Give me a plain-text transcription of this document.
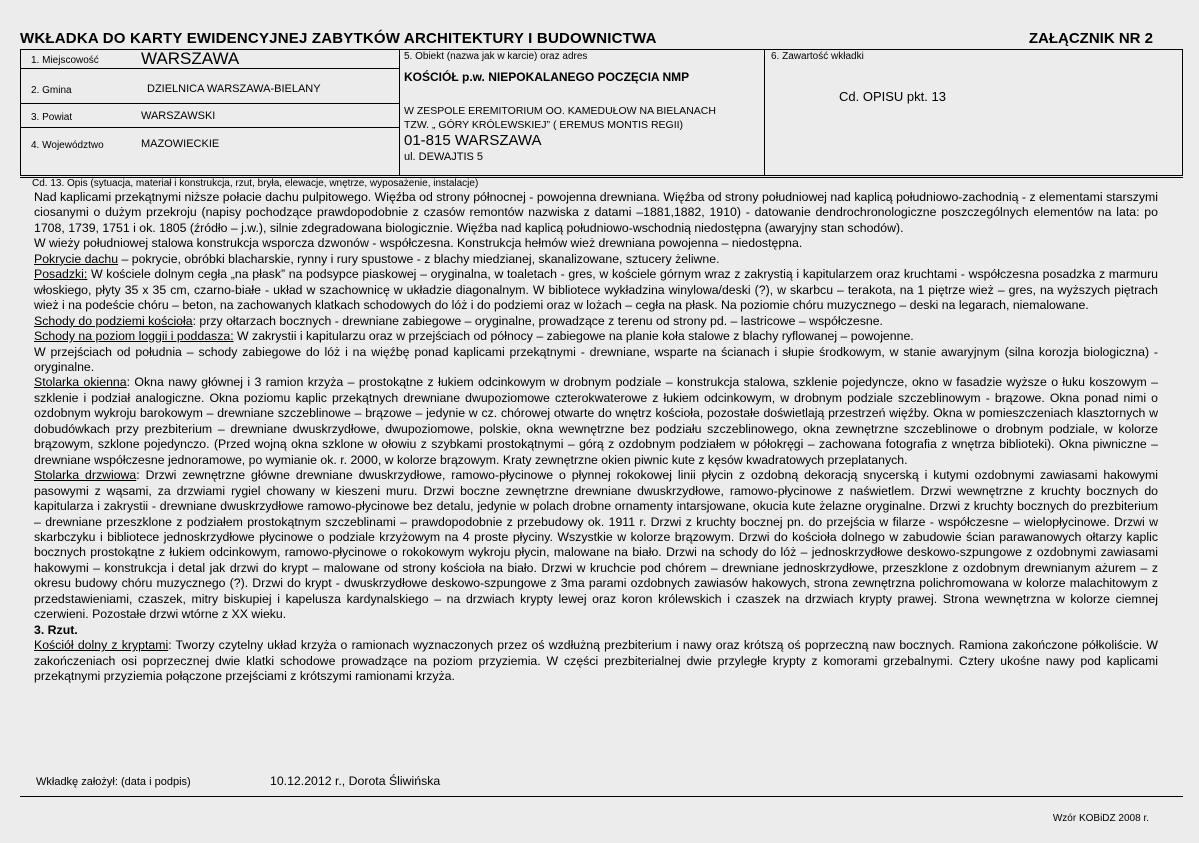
WKŁADKA DO KARTY EWIDENCYJNEJ ZABYTKÓW ARCHITEKTURY I BUDOWNICTWA	ZAŁĄCZNIK NR 2
1. Miejscowość WARSZAWA
2. Gmina	DZIELNICA WARSZAWA-BIELANY
3. Powiat	WARSZAWSKI
4. Województwo	MAZOWIECKIE
5. Obiekt (nazwa jak w karcie) oraz adres
KOŚCIÓŁ p.w. NIEPOKALANEGO POCZĘCIA NMP
W ZESPOLE EREMITORIUM OO. KAMEDUŁOW NA BIELANACH
TZW. „ GÓRY KRÓLEWSKIEJ” ( EREMUS MONTIS REGII)
01-815 WARSZAWA
ul. DEWAJTIS 5
6. Zawartość wkładki
Cd. OPISU pkt. 13
Cd. 13. Opis (sytuacja, materiał i konstrukcja, rzut, bryła, elewacje, wnętrze, wyposażenie, instalacje)

Nad kaplicami przekątnymi niższe połacie dachu pulpitowego. Więźba od strony północnej - powojenna drewniana. Więźba od strony południowej nad kaplicą południowo-zachodnią - z elementami starszymi ciosanymi o dużym przekroju (napisy pochodzące prawdopodobnie z czasów remontów nazwiska z datami –1881,1882, 1910) - datowanie dendrochronologiczne poszczególnych elementów na lata: po 1708, 1739, 1751 i ok. 1805 (źródło – j.w.), silnie zdegradowana biologicznie. Więźba nad kaplicą południowo-wschodnią niedostępna (awaryjny stan schodów).

W wieży południowej stalowa konstrukcja wsporcza dzwonów - współczesna. Konstrukcja hełmów wież drewniana powojenna – niedostępna.

Pokrycie dachu – pokrycie, obróbki blacharskie, rynny i rury spustowe - z blachy miedzianej, skanalizowane, sztucery żeliwne.

Posadzki: W kościele dolnym cegła „na płask” na podsypce piaskowej – oryginalna, w toaletach - gres, w kościele górnym wraz z zakrystią i kapitularzem oraz kruchtami - współczesna posadzka z marmuru włoskiego, płyty 35 x 35 cm, czarno-białe - układ w szachownicę w układzie diagonalnym. W bibliotece wykładzina winylowa/deski (?), w skarbcu – terakota, na 1 piętrze wież – gres, na wyższych piętrach wież i na podeście chóru – beton, na zachowanych klatkach schodowych do lóż i do podziemi oraz w lożach – cegła na płask. Na poziomie chóru muzycznego – deski na legarach, niemalowane.

Schody do podziemi kościoła: przy ołtarzach bocznych - drewniane zabiegowe – oryginalne, prowadzące z terenu od strony pd. – lastricowe – współczesne.

Schody na poziom loggii i poddasza: W zakrystii i kapitularzu oraz w przejściach od północy – zabiegowe na planie koła stalowe z blachy ryflowanej – powojenne.

W przejściach od południa – schody zabiegowe do lóż i na więźbę ponad kaplicami przekątnymi - drewniane, wsparte na ścianach i słupie środkowym, w stanie awaryjnym (silna korozja biologiczna) - oryginalne.

Stolarka okienna: Okna nawy głównej i 3 ramion krzyża – prostokątne z łukiem odcinkowym w drobnym podziale – konstrukcja stalowa, szklenie pojedyncze, okno w fasadzie wyższe o łuku koszowym – szklenie i podział analogiczne. Okna poziomu kaplic przekątnych drewniane dwupoziomowe czterokwaterowe z łukiem odcinkowym, w drobnym podziale szczeblinowym - brązowe. Okna ponad nimi o ozdobnym wykroju barokowym – drewniane szczeblinowe – brązowe – jedynie w cz. chórowej otwarte do wnętrz kościoła, pozostałe doświetlają przestrzeń więźby. Okna w pomieszczeniach klasztornych w dobudówkach przy prezbiterium – drewniane dwuskrzydłowe, dwupoziomowe, polskie, okna wewnętrzne bez podziału szczeblinowego, okna zewnętrzne szczeblinowe o drobnym podziale, w kolorze brązowym, szklone pojedynczo. (Przed wojną okna szklone w ołowiu z szybkami prostokątnymi – górą z ozdobnym podziałem w półokręgi – zachowana fotografia z wnętrza biblioteki). Okna piwniczne – drewniane współczesne jednoramowe, po wymianie ok. r. 2000, w kolorze brązowym. Kraty zewnętrzne okien piwnic kute z kęsów kwadratowych przeplatanych.

Stolarka drzwiowa: Drzwi zewnętrzne główne drewniane dwuskrzydłowe, ramowo-płycinowe o płynnej rokokowej linii płycin z ozdobną dekoracją snycerską i kutymi ozdobnymi zawiasami hakowymi pasowymi z wąsami, za drzwiami rygiel chowany w kieszeni muru. Drzwi boczne zewnętrzne drewniane dwuskrzydłowe, ramowo-płycinowe z naświetlem. Drzwi wewnętrzne z kruchty bocznych do kapitularza i zakrystii - drewniane dwuskrzydłowe ramowo-płycinowe bez detalu, jedynie w polach drobne ornamenty intarsjowane, okucia kute żelazne oryginalne. Drzwi z kruchty bocznych do prezbiterium – drewniane przeszklone z podziałem prostokątnym szczeblinami – prawdopodobnie z przebudowy ok. 1911 r. Drzwi z kruchty bocznej pn. do przejścia w filarze - współczesne – wielopłycinowe. Drzwi w skarbczyku i bibliotece jednoskrzydłowe płycinowe o podziale krzyżowym na 4 proste płyciny. Wszystkie w kolorze brązowym. Drzwi do kościoła dolnego w zabudowie ścian parawanowych ołtarzy kaplic bocznych prostokątne z łukiem odcinkowym, ramowo-płycinowe o rokokowym wykroju płycin, malowane na biało. Drzwi na schody do lóż – jednoskrzydłowe deskowo-szpungowe z ozdobnymi zawiasami hakowymi – konstrukcja i detal jak drzwi do krypt – malowane od strony kościoła na biało. Drzwi w kruchcie pod chórem – drewniane jednoskrzydłowe, przeszklone z ozdobnym drewnianym ażurem – z okresu budowy chóru muzycznego (?). Drzwi do krypt - dwuskrzydłowe deskowo-szpungowe z 3ma parami ozdobnych zawiasów hakowych, strona zewnętrzna polichromowana w kolorze malachitowym z przedstawieniami, czaszek, mitry biskupiej i kapelusza kardynalskiego – na drzwiach krypty lewej oraz koron królewskich i czaszek na drzwiach krypty prawej. Strona wewnętrzna w kolorze ciemnej czerwieni. Pozostałe drzwi wtórne z XX wieku.

3. Rzut.

Kościół dolny z kryptami: Tworzy czytelny układ krzyża o ramionach wyznaczonych przez oś wzdłużną prezbiterium i nawy oraz krótszą oś poprzeczną naw bocznych. Ramiona zakończone półkoliście. W zakończeniach osi poprzecznej dwie klatki schodowe prowadzące na poziom przyziemia. W części prezbiterialnej dwie przyległe krypty z komorami grzebalnymi. Cztery ukośne nawy pod kaplicami przekątnymi przyziemia połączone przejściami z krótszymi ramionami krzyża.

Wkładkę założył: (data i podpis)	10.12.2012 r., Dorota Śliwińska
Wzór KOBiDZ 2008 r.
